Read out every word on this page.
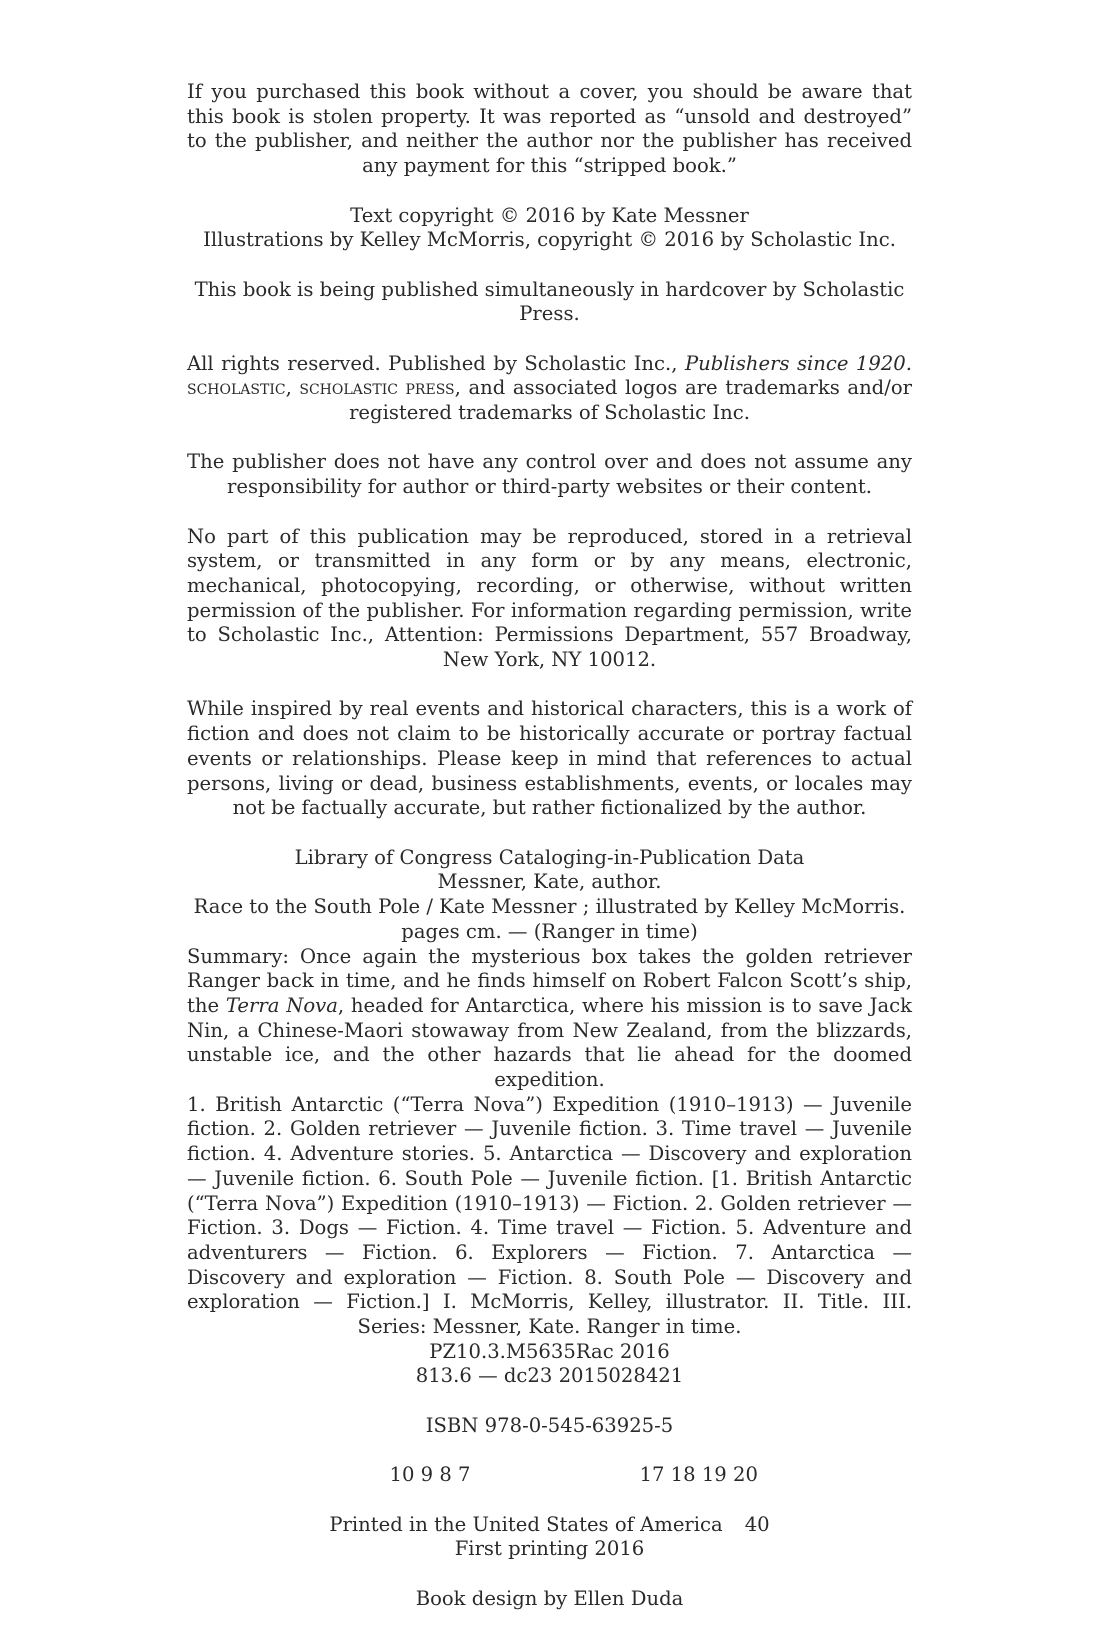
If you purchased this book without a cover, you should be aware that this book is stolen property. It was reported as “unsold and destroyed” to the publisher, and neither the author nor the publisher has received any payment for this “stripped book.”

Text copyright © 2016 by Kate Messner
Illustrations by Kelley McMorris, copyright © 2016 by Scholastic Inc.

This book is being published simultaneously in hardcover by Scholastic Press.

All rights reserved. Published by Scholastic Inc., Publishers since 1920. scholastic, scholastic press, and associated logos are trademarks and/or registered trademarks of Scholastic Inc.

The publisher does not have any control over and does not assume any responsibility for author or third-party websites or their content.

No part of this publication may be reproduced, stored in a retrieval system, or transmitted in any form or by any means, electronic, mechanical, photocopying, recording, or otherwise, without written permission of the publisher. For information regarding permission, write to Scholastic Inc., Attention: Permissions Department, 557 Broadway, New York, NY 10012.

While inspired by real events and historical characters, this is a work of fiction and does not claim to be historically accurate or portray factual events or relationships. Please keep in mind that references to actual persons, living or dead, business establishments, events, or locales may not be factually accurate, but rather fictionalized by the author.

Library of Congress Cataloging-in-Publication Data
Messner, Kate, author.
Race to the South Pole / Kate Messner ; illustrated by Kelley McMorris.
pages cm. — (Ranger in time)
Summary: Once again the mysterious box takes the golden retriever Ranger back in time, and he finds himself on Robert Falcon Scott’s ship, the Terra Nova, headed for Antarctica, where his mission is to save Jack Nin, a Chinese-Maori stowaway from New Zealand, from the blizzards, unstable ice, and the other hazards that lie ahead for the doomed expedition.
1. British Antarctic (“Terra Nova”) Expedition (1910–1913) — Juvenile fiction. 2. Golden retriever — Juvenile fiction. 3. Time travel — Juvenile fiction. 4. Adventure stories. 5. Antarctica — Discovery and exploration — Juvenile fiction. 6. South Pole — Juvenile fiction. [1. British Antarctic (“Terra Nova”) Expedition (1910–1913) — Fiction. 2. Golden retriever — Fiction. 3. Dogs — Fiction. 4. Time travel — Fiction. 5. Adventure and adventurers — Fiction. 6. Explorers — Fiction. 7. Antarctica — Discovery and exploration — Fiction. 8. South Pole — Discovery and exploration — Fiction.] I. McMorris, Kelley, illustrator. II. Title. III. Series: Messner, Kate. Ranger in time.
PZ10.3.M5635Rac 2016
813.6 — dc23 2015028421

ISBN 978-0-545-63925-5

10 9 8 7	17 18 19 20
Printed in the United States of America 40
First printing 2016

Book design by Ellen Duda
